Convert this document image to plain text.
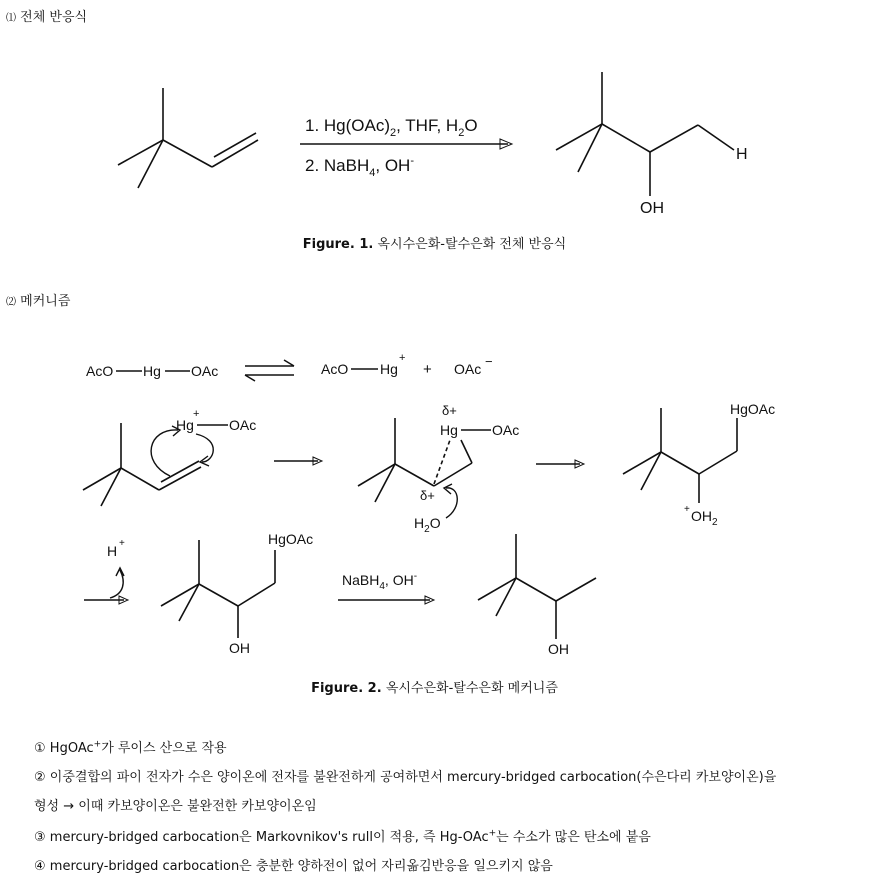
⑴ 전체 반응식
1. $Hg(OAc)_2$, THF, $H_2O$
2. NaBH$_4$, OH-	H
OH
AcO Hg OAc	AcO Hg
+
+ OAc −
Hg
+
OAc
δ+
Hg OAc
δ+
$H_2O$
HgOAc
+ $OH_2$
H +	HgOAc
OH
NaBH$_4$, OH-
OH
Figure. 1. 옥시수은화-탈수은화 전체 반응식
⑵ 메커니즘
Figure. 2. 옥시수은화-탈수은화 메커니즘
① HgOAc+가 루이스 산으로 작용
② 이중결합의 파이 전자가 수은 양이온에 전자를 불완전하게 공여하면서 mercury-bridged carbocation(수은다리 카보양이온)을
형성 → 이때 카보양이온은 불완전한 카보양이온임
③ mercury-bridged carbocation은 Markovnikov's rull이 적용, 즉 Hg-OAc+는 수소가 많은 탄소에 붙음
④ mercury-bridged carbocation은 충분한 양하전이 없어 자리옮김반응을 일으키지 않음
